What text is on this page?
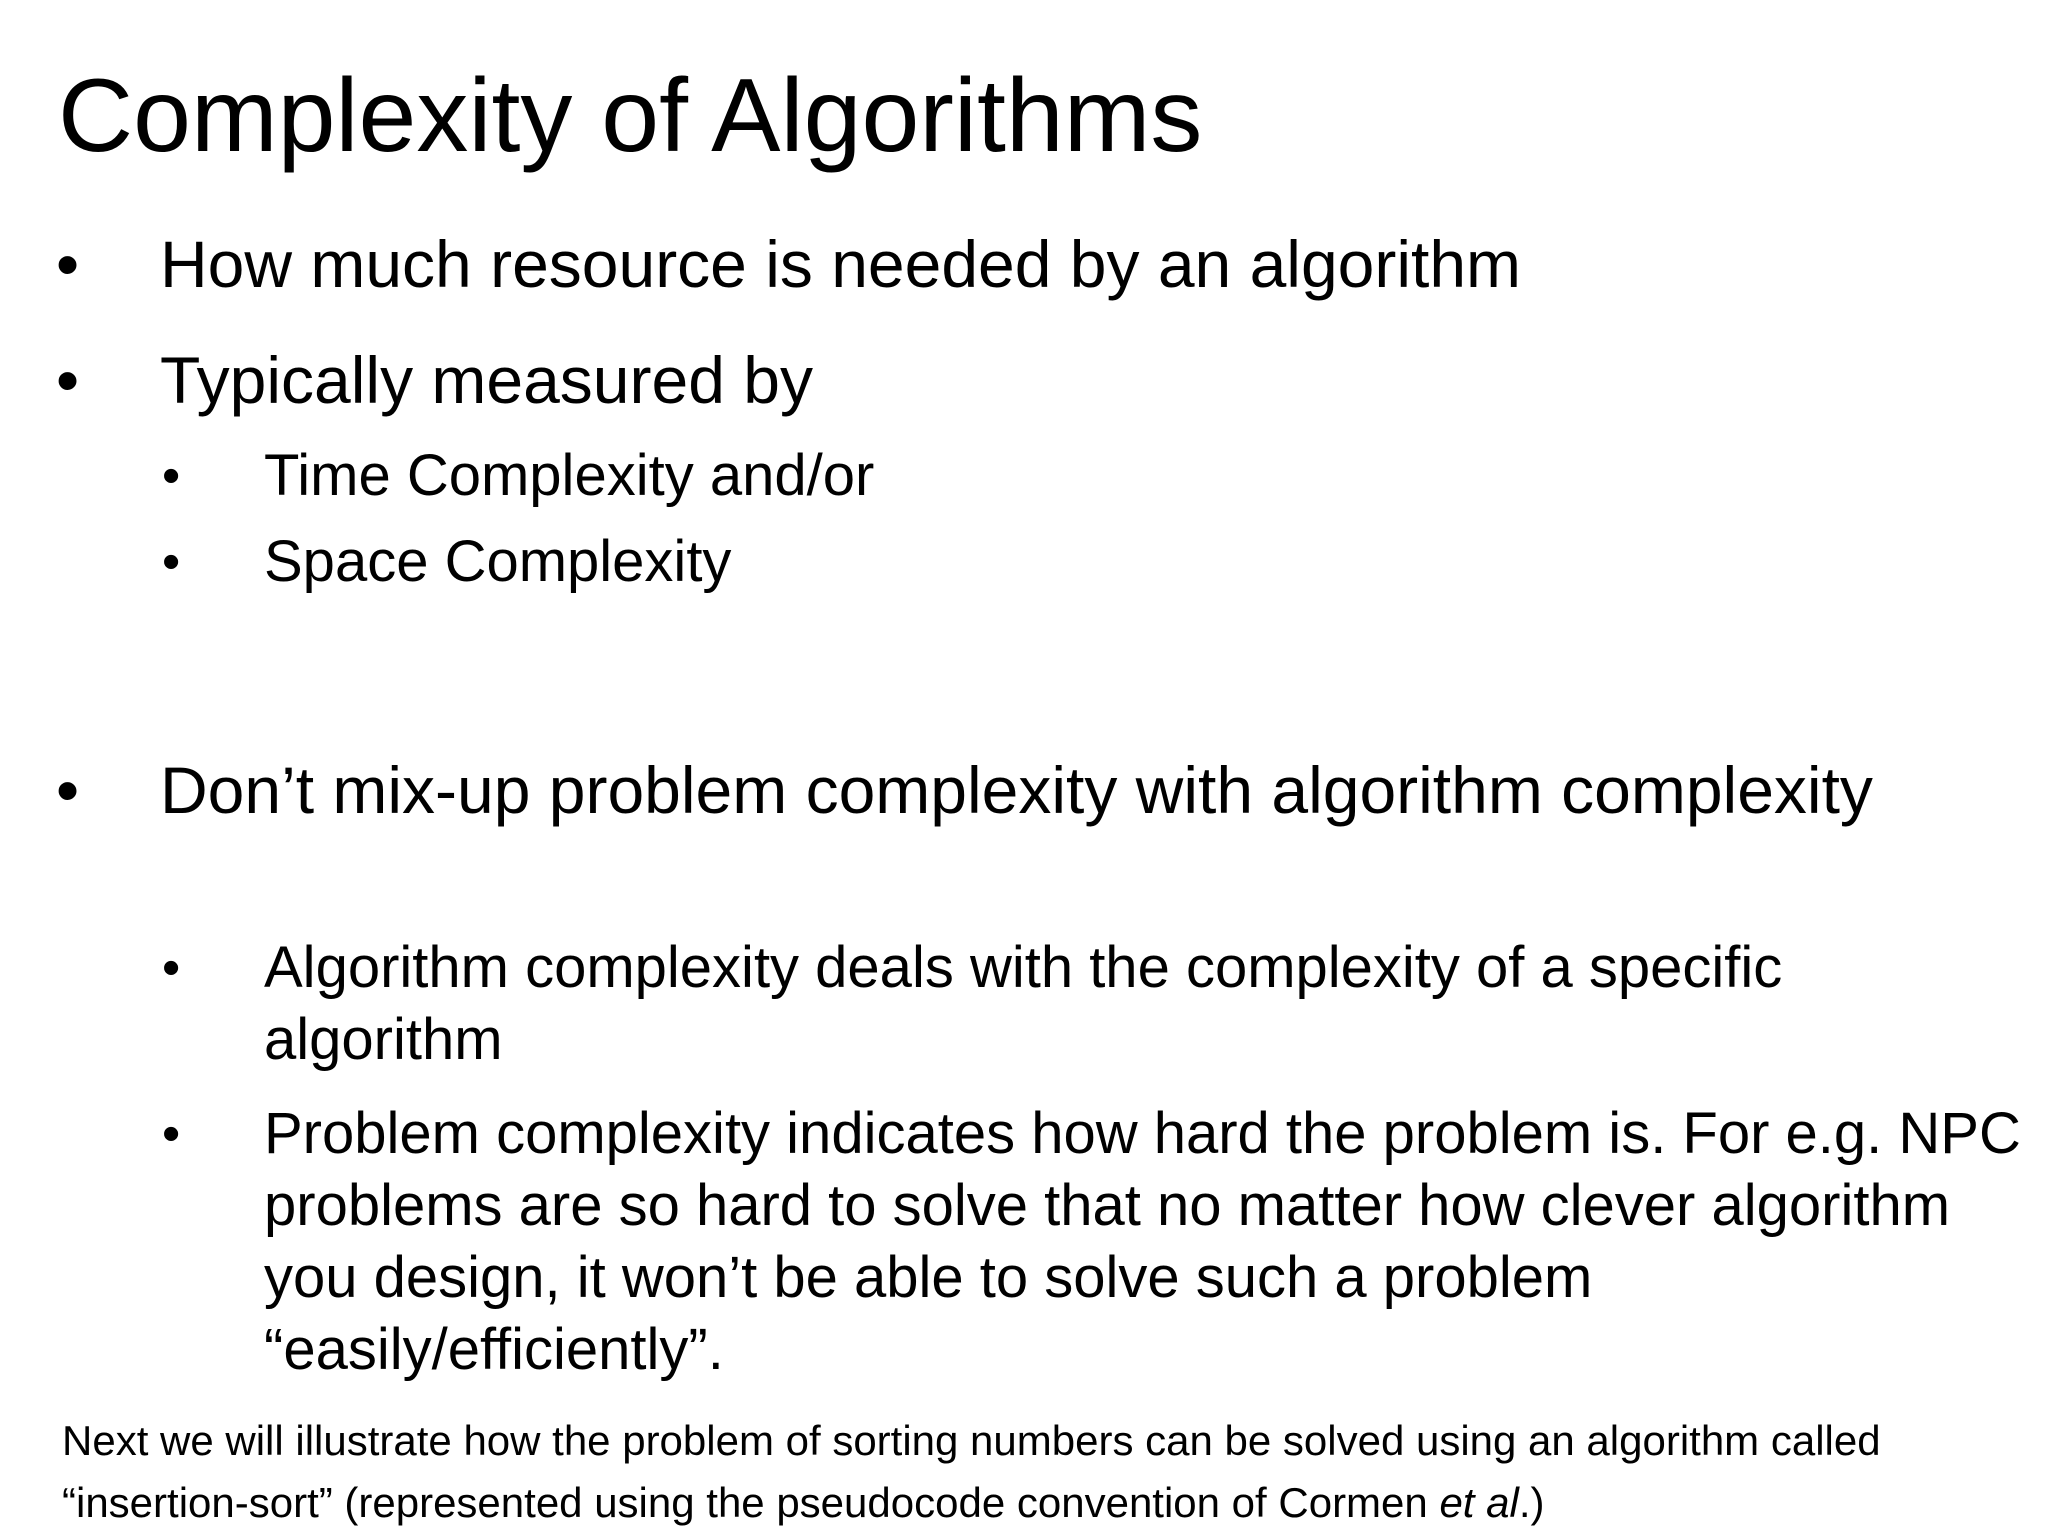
Complexity of Algorithms
• How much resource is needed by an algorithm
• Typically measured by
• Time Complexity and/or
• Space Complexity
• Don’t mix-up problem complexity with algorithm complexity
• Algorithm complexity deals with the complexity of a specific algorithm
• Problem complexity indicates how hard the problem is. For e.g. NPC problems are so hard to solve that no matter how clever algorithm you design, it won’t be able to solve such a problem “easily/efficiently”.
Next we will illustrate how the problem of sorting numbers can be solved using an algorithm called “insertion-sort” (represented using the pseudocode convention of Cormen et al.)
